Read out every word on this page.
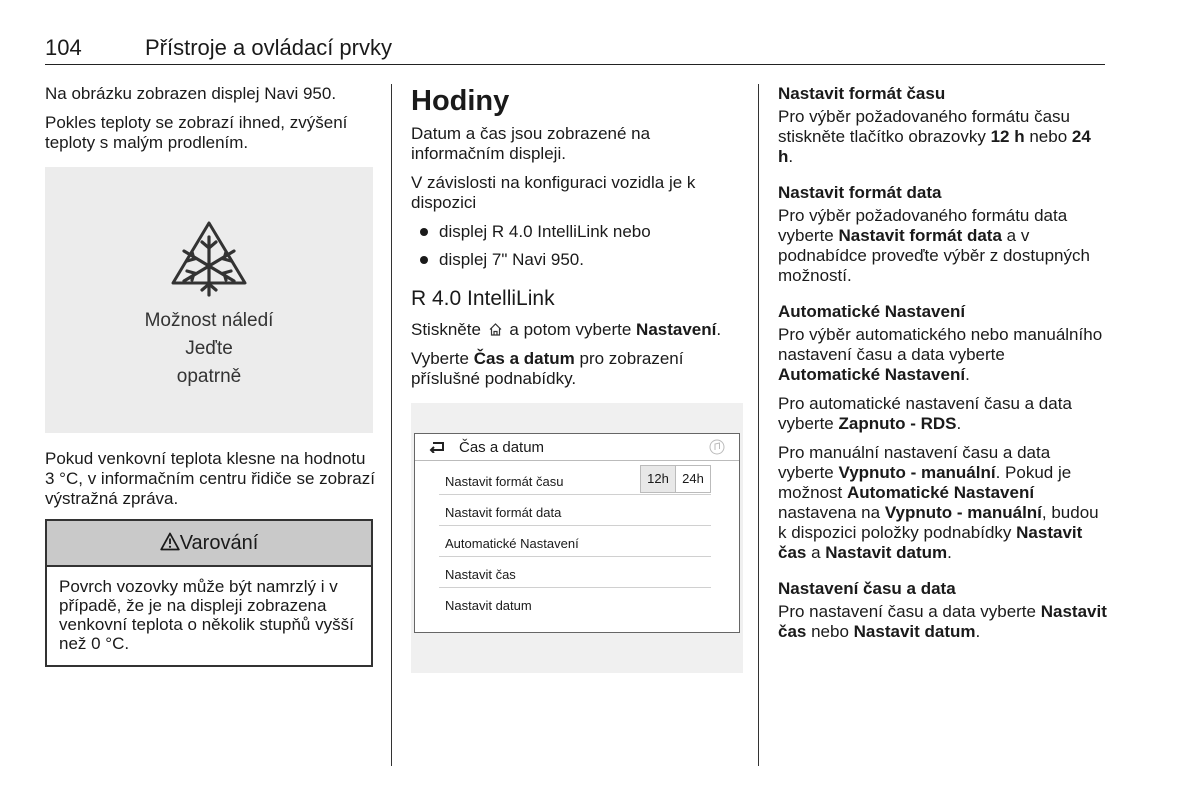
104	Přístroje a ovládací prvky

Na obrázku zobrazen displej Navi 950.

Pokles teploty se zobrazí ihned, zvýšení teploty s malým prodlením.

Možnost náledí
Jeďte
opatrně

Pokud venkovní teplota klesne na hodnotu 3 °C, v informačním centru řidiče se zobrazí výstražná zpráva.

Varování
Povrch vozovky může být namrzlý i v případě, že je na displeji zobrazena venkovní teplota o několik stupňů vyšší než 0 °C.
Hodiny

Datum a čas jsou zobrazené na informačním displeji.

V závislosti na konfiguraci vozidla je k dispozici

displej R 4.0 IntelliLink nebo
displej 7" Navi 950.
R 4.0 IntelliLink

Stiskněte a potom vyberte Nastavení.

Vyberte Čas a datum pro zobrazení příslušné podnabídky.

Čas a datum
Nastavit formát času	12h	24h
Nastavit formát data
Automatické Nastavení
Nastavit čas
Nastavit datum
Nastavit formát času

Pro výběr požadovaného formátu času stiskněte tlačítko obrazovky 12 h nebo 24 h.

Nastavit formát data

Pro výběr požadovaného formátu data vyberte Nastavit formát data a v podnabídce proveďte výběr z dostupných možností.

Automatické Nastavení

Pro výběr automatického nebo manuálního nastavení času a data vyberte Automatické Nastavení.

Pro automatické nastavení času a data vyberte Zapnuto - RDS.

Pro manuální nastavení času a data vyberte Vypnuto - manuální. Pokud je možnost Automatické Nastavení nastavena na Vypnuto - manuální, budou k dispozici položky podnabídky Nastavit čas a Nastavit datum.

Nastavení času a data

Pro nastavení času a data vyberte Nastavit čas nebo Nastavit datum.
